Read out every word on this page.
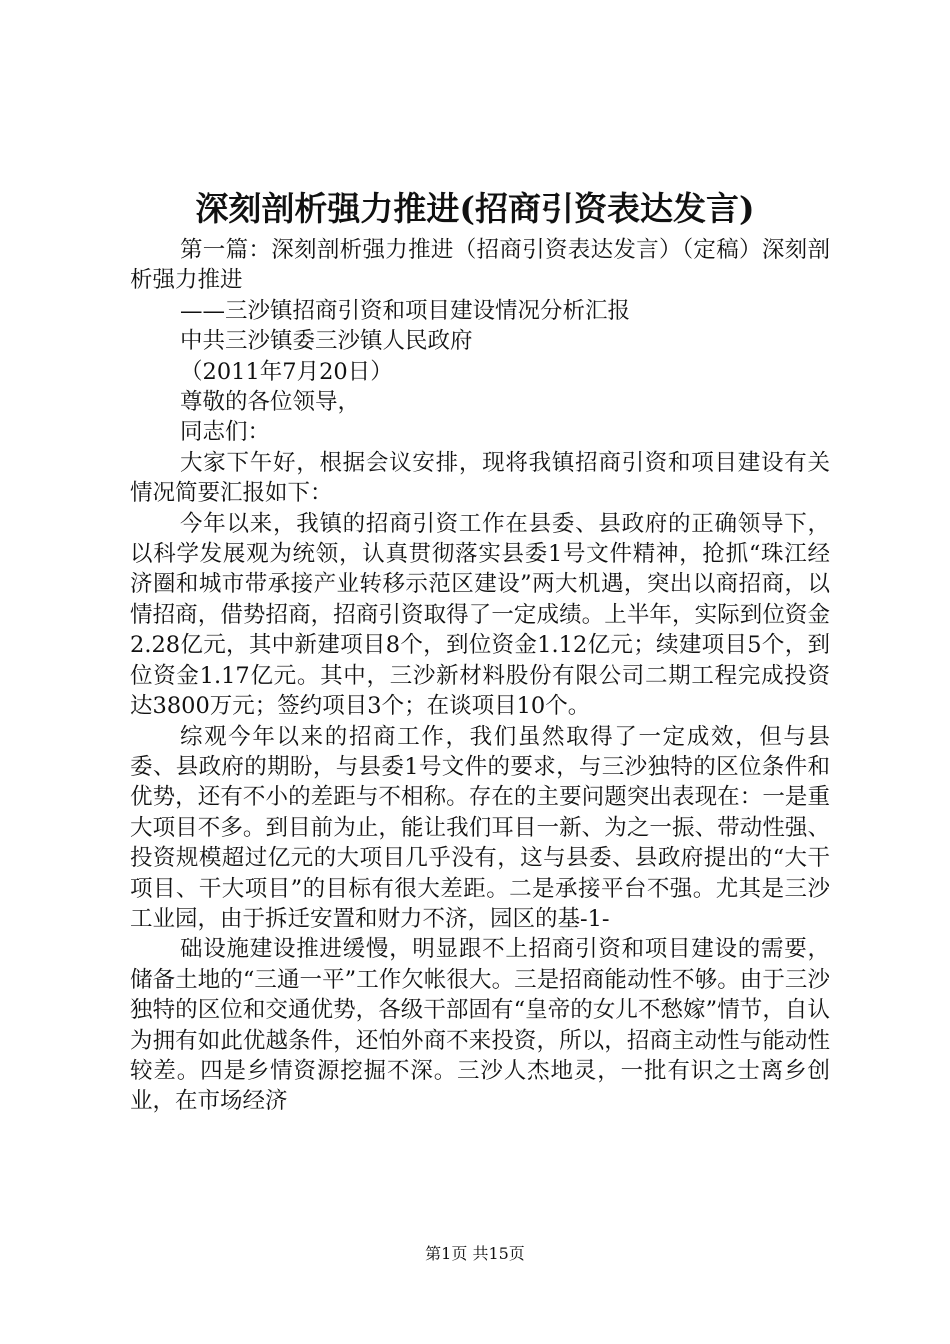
深刻剖析强力推进(招商引资表达发言)

第一篇：深刻剖析强力推进（招商引资表达发言）（定稿）深刻剖析强力推进

——三沙镇招商引资和项目建设情况分析汇报

中共三沙镇委三沙镇人民政府

（2011年7月20日）

尊敬的各位领导，

同志们：

大家下午好，根据会议安排，现将我镇招商引资和项目建设有关情况简要汇报如下：

今年以来，我镇的招商引资工作在县委、县政府的正确领导下，以科学发展观为统领，认真贯彻落实县委1号文件精神，抢抓“珠江经济圈和城市带承接产业转移示范区建设”两大机遇，突出以商招商，以情招商，借势招商，招商引资取得了一定成绩。上半年，实际到位资金2.28亿元，其中新建项目8个，到位资金1.12亿元；续建项目5个，到位资金1.17亿元。其中，三沙新材料股份有限公司二期工程完成投资达3800万元；签约项目3个；在谈项目10个。

综观今年以来的招商工作，我们虽然取得了一定成效，但与县委、县政府的期盼，与县委1号文件的要求，与三沙独特的区位条件和优势，还有不小的差距与不相称。存在的主要问题突出表现在：一是重大项目不多。到目前为止，能让我们耳目一新、为之一振、带动性强、投资规模超过亿元的大项目几乎没有，这与县委、县政府提出的“大干项目、干大项目”的目标有很大差距。二是承接平台不强。尤其是三沙工业园，由于拆迁安置和财力不济，园区的基-1-

础设施建设推进缓慢，明显跟不上招商引资和项目建设的需要，储备土地的“三通一平”工作欠帐很大。三是招商能动性不够。由于三沙独特的区位和交通优势，各级干部固有“皇帝的女儿不愁嫁”情节，自认为拥有如此优越条件，还怕外商不来投资，所以，招商主动性与能动性较差。四是乡情资源挖掘不深。三沙人杰地灵，一批有识之士离乡创业，在市场经济

第1页 共15页
